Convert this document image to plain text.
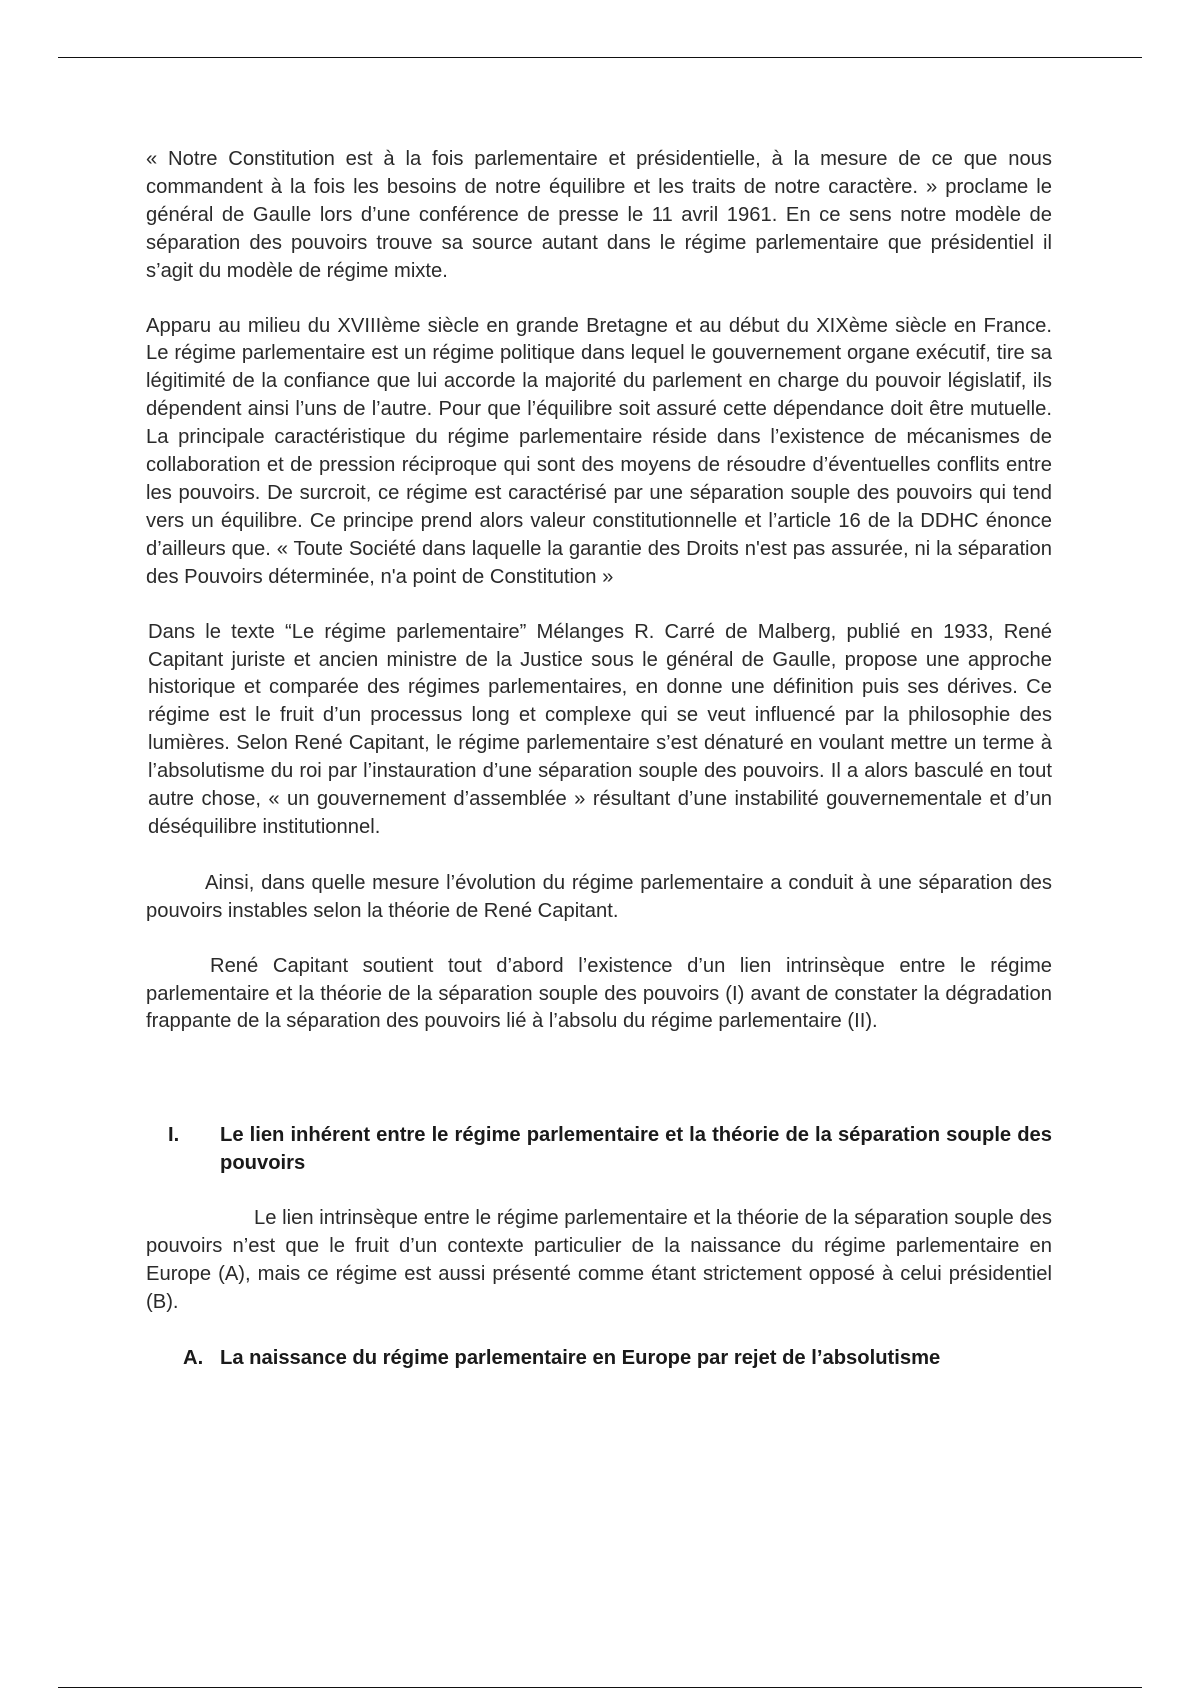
« Notre Constitution est à la fois parlementaire et présidentielle, à la mesure de ce que nous commandent à la fois les besoins de notre équilibre et les traits de notre caractère. » proclame le général de Gaulle lors d’une conférence de presse le 11 avril 1961. En ce sens notre modèle de séparation des pouvoirs trouve sa source autant dans le régime parlementaire que présidentiel il s’agit du modèle de régime mixte.

Apparu au milieu du XVIIIème siècle en grande Bretagne et au début du XIXème siècle en France. Le régime parlementaire est un régime politique dans lequel le gouvernement organe exécutif, tire sa légitimité de la confiance que lui accorde la majorité du parlement en charge du pouvoir législatif, ils dépendent ainsi l’uns de l’autre. Pour que l’équilibre soit assuré cette dépendance doit être mutuelle. La principale caractéristique du régime parlementaire réside dans l’existence de mécanismes de collaboration et de pression réciproque qui sont des moyens de résoudre d’éventuelles conflits entre les pouvoirs. De surcroit, ce régime est caractérisé par une séparation souple des pouvoirs qui tend vers un équilibre. Ce principe prend alors valeur constitutionnelle et l’article 16 de la DDHC énonce d’ailleurs que. « Toute Société dans laquelle la garantie des Droits n'est pas assurée, ni la séparation des Pouvoirs déterminée, n'a point de Constitution »

Dans le texte “Le régime parlementaire” Mélanges R. Carré de Malberg, publié en 1933, René Capitant juriste et ancien ministre de la Justice sous le général de Gaulle, propose une approche historique et comparée des régimes parlementaires, en donne une définition puis ses dérives. Ce régime est le fruit d’un processus long et complexe qui se veut influencé par la philosophie des lumières. Selon René Capitant, le régime parlementaire s’est dénaturé en voulant mettre un terme à l’absolutisme du roi par l’instauration d’une séparation souple des pouvoirs. Il a alors basculé en tout autre chose, « un gouvernement d’assemblée » résultant d’une instabilité gouvernementale et d’un déséquilibre institutionnel.

Ainsi, dans quelle mesure l’évolution du régime parlementaire a conduit à une séparation des pouvoirs instables selon la théorie de René Capitant.

René Capitant soutient tout d’abord l’existence d’un lien intrinsèque entre le régime parlementaire et la théorie de la séparation souple des pouvoirs (I) avant de constater la dégradation frappante de la séparation des pouvoirs lié à l’absolu du régime parlementaire (II).

I. Le lien inhérent entre le régime parlementaire et la théorie de la séparation souple des pouvoirs

Le lien intrinsèque entre le régime parlementaire et la théorie de la séparation souple des pouvoirs n’est que le fruit d’un contexte particulier de la naissance du régime parlementaire en Europe (A), mais ce régime est aussi présenté comme étant strictement opposé à celui présidentiel (B).

A. La naissance du régime parlementaire en Europe par rejet de l’absolutisme
